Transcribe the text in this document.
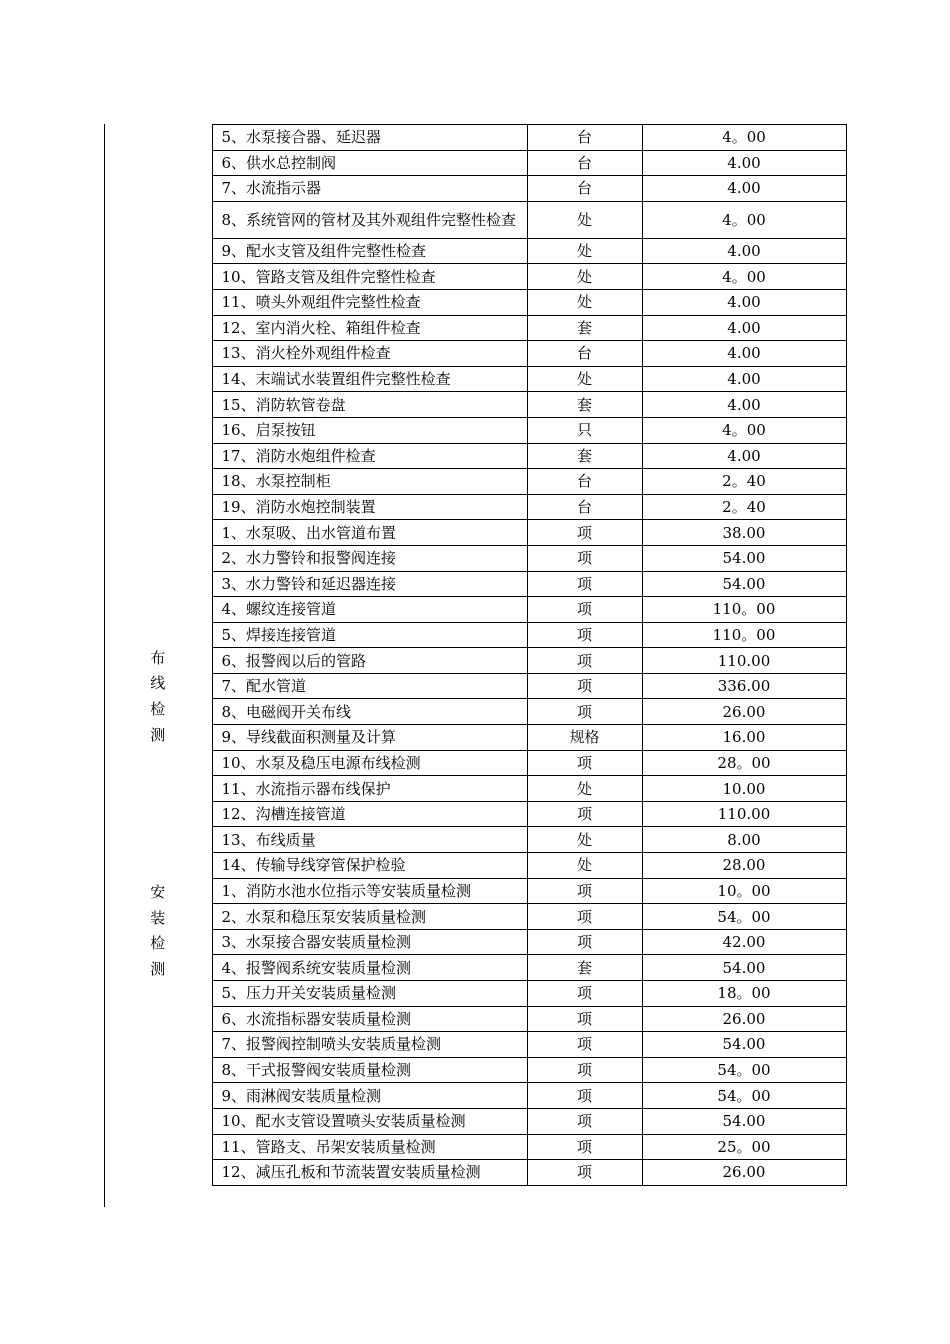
	5、水泵接合器、延迟器	台	4。00
	6、供水总控制阀	台	4.00
	7、水流指示器	台	4.00
	8、系统管网的管材及其外观组件完整性检查	处	4。00
	9、配水支管及组件完整性检查	处	4.00
	10、管路支管及组件完整性检查	处	4。00
	11、喷头外观组件完整性检查	处	4.00
	12、室内消火栓、箱组件检查	套	4.00
	13、消火栓外观组件检查	台	4.00
	14、末端试水装置组件完整性检查	处	4.00
	15、消防软管卷盘	套	4.00
	16、启泵按钮	只	4。00
	17、消防水炮组件检查	套	4.00
	18、水泵控制柜	台	2。40
	19、消防水炮控制装置	台	2。40

布线检测	1、水泵吸、出水管道布置	项	38.00
	2、水力警铃和报警阀连接	项	54.00
	3、水力警铃和延迟器连接	项	54.00
	4、螺纹连接管道	项	110。00
	5、焊接连接管道	项	110。00
	6、报警阀以后的管路	项	110.00
	7、配水管道	项	336.00
	8、电磁阀开关布线	项	26.00
	9、导线截面积测量及计算	规格	16.00
	10、水泵及稳压电源布线检测	项	28。00
	11、水流指示器布线保护	处	10.00
	12、沟槽连接管道	项	110.00
	13、布线质量	处	8.00
	14、传输导线穿管保护检验	处	28.00

安装检测	1、消防水池水位指示等安装质量检测	项	10。00
	2、水泵和稳压泵安装质量检测	项	54。00
	3、水泵接合器安装质量检测	项	42.00
	4、报警阀系统安装质量检测	套	54.00
	5、压力开关安装质量检测	项	18。00
	6、水流指标器安装质量检测	项	26.00
	7、报警阀控制喷头安装质量检测	项	54.00
	8、干式报警阀安装质量检测	项	54。00
	9、雨淋阀安装质量检测	项	54。00
	10、配水支管设置喷头安装质量检测	项	54.00
	11、管路支、吊架安装质量检测	项	25。00
	12、减压孔板和节流装置安装质量检测	项	26.00
